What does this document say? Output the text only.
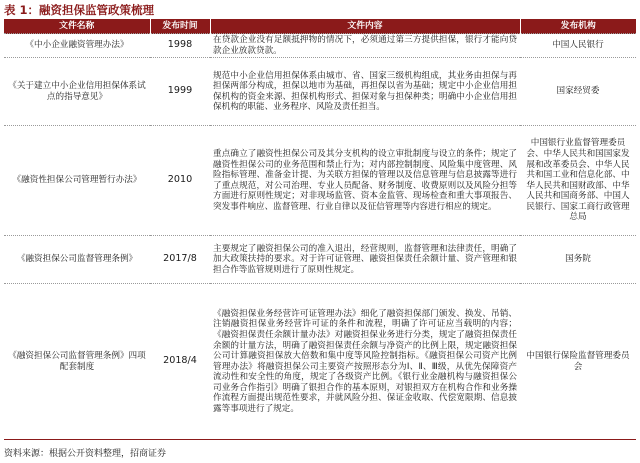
表 1：融资担保监管政策梳理
文件名称	发布时间	文件内容	发布机构
《中小企业融资管理办法》	1998	在贷款企业没有足额抵押物的情况下，必须通过第三方提供担保，银行才能向贷款企业放款贷款。	中国人民银行
《关于建立中小企业信用担保体系试点的指导意见》	1999	规范中小企业信用担保体系由城市、省、国家三级机构组成，其业务由担保与再担保两部分构成，担保以地市为基础，再担保以省为基础；规定中小企业信用担保机构的资金来源、担保机构形式、担保对象与担保种类；明确中小企业信用担保机构的职能、业务程序、风险及责任担当。	国家经贸委
《融资性担保公司管理暂行办法》	2010	重点确立了融资性担保公司及其分支机构的设立审批制度与设立的条件；规定了融资性担保公司的业务范围和禁止行为；对内部控制制度、风险集中度管理、风险指标管理、准备金计提、为关联方担保的管理以及信息管理与信息披露等进行了重点规范，对公司治理、专业人员配备、财务制度、收费原则以及风险分担等方面进行原则性规定；对非现场监管、资本金监管、现场检查和重大事项报告、突发事件响应、监督管理、行业自律以及征信管理等内容进行相应的规定。	中国银行业监督管理委员会、中华人民共和国国家发展和改革委员会、中华人民共和国工业和信息化部、中华人民共和国财政部、中华人民共和国商务部、中国人民银行、国家工商行政管理总局
《融资担保公司监督管理条例》	2017/8	主要规定了融资担保公司的准入退出，经营规则，监督管理和法律责任，明确了加大政策扶持的要求。对于许可证管理、融资担保责任余额计量、资产管理和银担合作等监管规则进行了原则性规定。	国务院
《融资担保公司监督管理条例》四项配套制度	2018/4	《融资担保业务经营许可证管理办法》细化了融资担保部门颁发、换发、吊销、注销融资担保业务经营许可证的条件和流程，明确了许可证应当载明的内容；《融资担保责任余额计量办法》对融资担保业务进行分类，规定了融资担保责任余额的计量方法，明确了融资担保责任余额与净资产的比例上限，规定融资担保公司计算融资担保放大倍数和集中度等风险控制指标。《融资担保公司资产比例管理办法》将融资担保公司主要资产按照形态分为Ⅰ、Ⅱ、Ⅲ级，从优先保障资产流动性和安全性的角度，规定了各级资产比例。《银行业金融机构与融资担保公司业务合作指引》明确了银担合作的基本原则，对银担双方在机构合作和业务操作流程方面提出规范性要求，并就风险分担、保证金收取、代偿宽限期、信息披露等事项进行了规定。	中国银行保险监督管理委员会
资料来源：根据公开资料整理，招商证券
